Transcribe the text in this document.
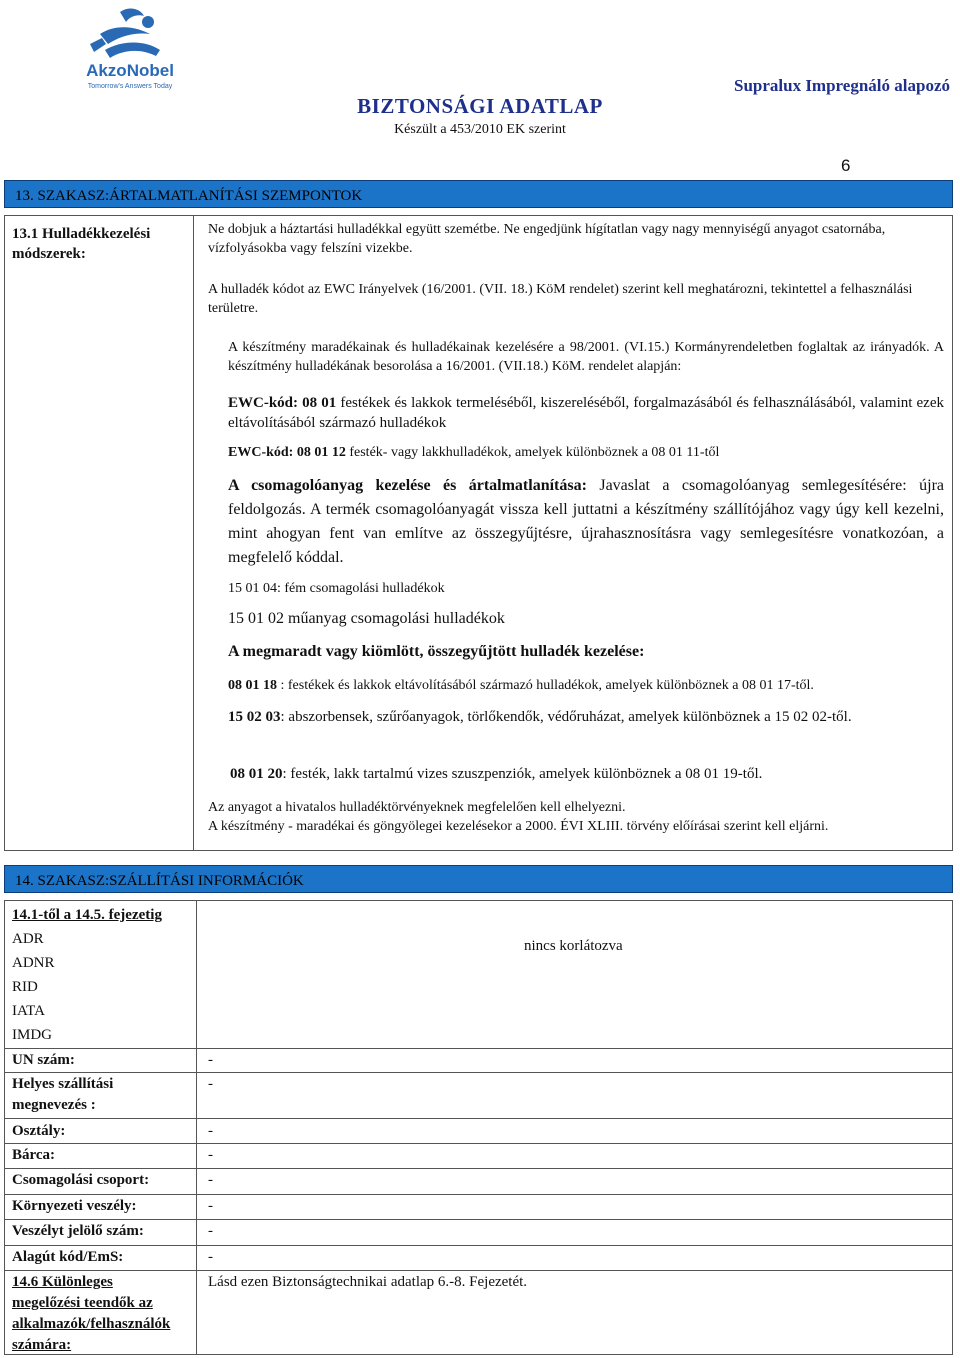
AkzoNobel
Tomorrow's Answers Today
BIZTONSÁGI ADATLAP
Készült a 453/2010 EK szerint
Supralux Impregnáló alapozó
6
13. SZAKASZ:ÁRTALMATLANÍTÁSI SZEMPONTOK
13.1 Hulladékkezelési
módszerek:
Ne dobjuk a háztartási hulladékkal együtt szemétbe. Ne engedjünk hígítatlan vagy nagy mennyiségű anyagot csatornába, vízfolyásokba vagy felszíni vizekbe.
A hulladék kódot az EWC Irányelvek (16/2001. (VII. 18.) KöM rendelet) szerint kell meghatározni, tekintettel a felhasználási területre.
A készítmény maradékainak és hulladékainak kezelésére a 98/2001. (VI.15.) Kormányrendeletben foglaltak az irányadók. A készítmény hulladékának besorolása a 16/2001. (VII.18.) KöM. rendelet alapján:
EWC-kód: 08 01 festékek és lakkok termeléséből, kiszereléséből, forgalmazásából és felhasználásából, valamint ezek eltávolításából származó hulladékok
EWC-kód: 08 01 12 festék- vagy lakkhulladékok, amelyek különböznek a 08 01 11-től
A csomagolóanyag kezelése és ártalmatlanítása: Javaslat a csomagolóanyag semlegesítésére: újra feldolgozás. A termék csomagolóanyagát vissza kell juttatni a készítmény szállítójához vagy úgy kell kezelni, mint ahogyan fent van említve az összegyűjtésre, újrahasznosításra vagy semlegesítésre vonatkozóan, a megfelelő kóddal.
15 01 04: fém csomagolási hulladékok
15 01 02 műanyag csomagolási hulladékok
A megmaradt vagy kiömlött, összegyűjtött hulladék kezelése:
08 01 18 : festékek és lakkok eltávolításából származó hulladékok, amelyek különböznek a 08 01 17-től.
15 02 03: abszorbensek, szűrőanyagok, törlőkendők, védőruházat, amelyek különböznek a 15 02 02-től.
08 01 20: festék, lakk tartalmú vizes szuszpenziók, amelyek különböznek a 08 01 19-től.
Az anyagot a hivatalos hulladéktörvényeknek megfelelően kell elhelyezni.
A készítmény - maradékai és göngyölegei kezelésekor a 2000. ÉVI XLIII. törvény előírásai szerint kell eljárni.
14. SZAKASZ:SZÁLLÍTÁSI INFORMÁCIÓK
14.1-től a 14.5. fejezetig
ADR
ADNR
RID
IATA
IMDG
nincs korlátozva
UN szám:	-
Helyes szállítási
megnevezés :
-
Osztály:	-
Bárca:	-
Csomagolási csoport:	-
Környezeti veszély:	-
Veszélyt jelölő szám:	-
Alagút kód/EmS:	-
14.6 Különleges
megelőzési teendők az
alkalmazók/felhasználók
számára:
Lásd ezen Biztonságtechnikai adatlap 6.-8. Fejezetét.
